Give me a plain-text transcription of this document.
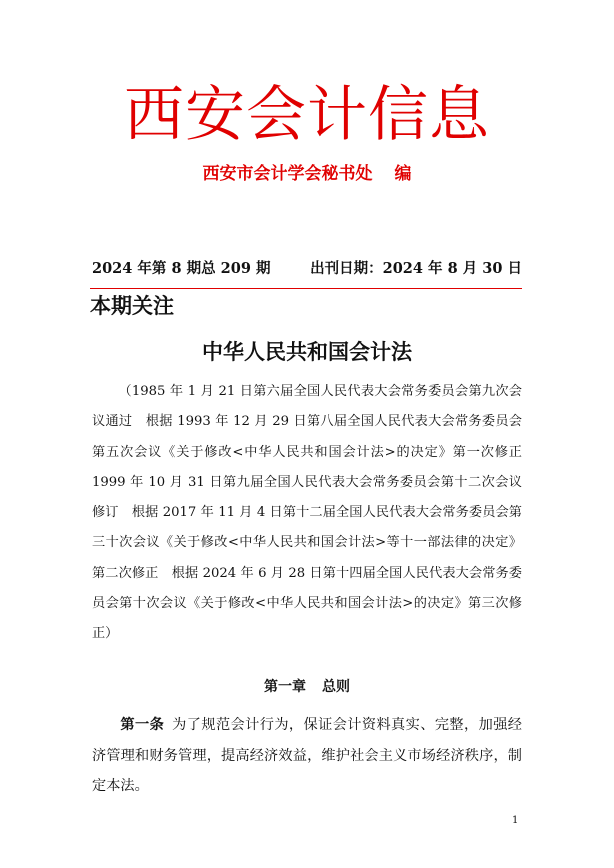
西安会计信息
西安市会计学会秘书处 编
2024 年第 8 期总 209 期	出刊日期：2024 年 8 月 30 日
本期关注
中华人民共和国会计法
（1985 年 1 月 21 日第六届全国人民代表大会常务委员会第九次会议通过　根据 1993 年 12 月 29 日第八届全国人民代表大会常务委员会第五次会议《关于修改<中华人民共和国会计法>的决定》第一次修正　1999 年 10 月 31 日第九届全国人民代表大会常务委员会第十二次会议修订　根据 2017 年 11 月 4 日第十二届全国人民代表大会常务委员会第三十次会议《关于修改<中华人民共和国会计法>等十一部法律的决定》第二次修正　根据 2024 年 6 月 28 日第十四届全国人民代表大会常务委员会第十次会议《关于修改<中华人民共和国会计法>的决定》第三次修正）
第一章 总则
第一条 为了规范会计行为，保证会计资料真实、完整，加强经济管理和财务管理，提高经济效益，维护社会主义市场经济秩序，制定本法。
1
